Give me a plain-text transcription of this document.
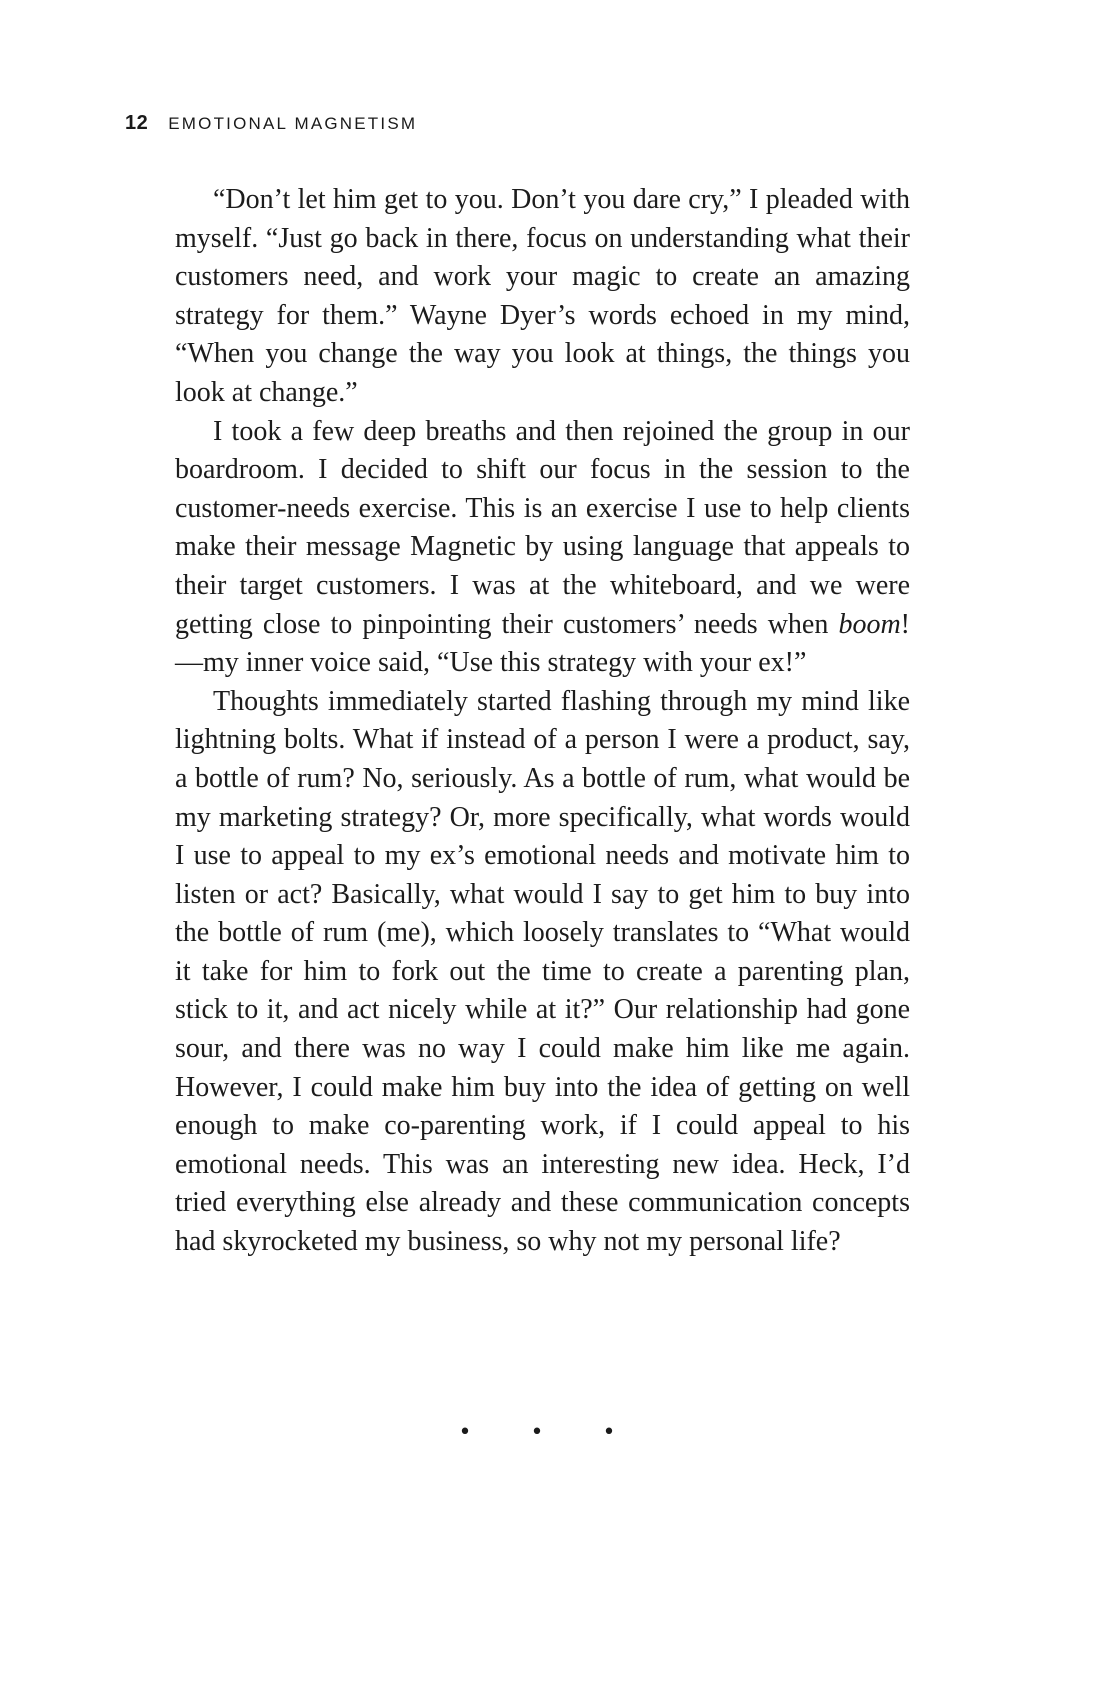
12 EMOTIONAL MAGNETISM

“Don’t let him get to you. Don’t you dare cry,” I pleaded with myself. “Just go back in there, focus on understanding what their customers need, and work your magic to create an amazing strategy for them.” Wayne Dyer’s words echoed in my mind, “When you change the way you look at things, the things you look at change.”

I took a few deep breaths and then rejoined the group in our boardroom. I decided to shift our focus in the session to the customer-needs exercise. This is an exercise I use to help clients make their message Magnetic by using language that appeals to their target customers. I was at the whiteboard, and we were getting close to pinpointing their customers’ needs when boom!—my inner voice said, “Use this strategy with your ex!”

Thoughts immediately started flashing through my mind like lightning bolts. What if instead of a person I were a product, say, a bottle of rum? No, seriously. As a bottle of rum, what would be my marketing strategy? Or, more specifically, what words would I use to appeal to my ex’s emotional needs and motivate him to listen or act? Basically, what would I say to get him to buy into the bottle of rum (me), which loosely translates to “What would it take for him to fork out the time to create a parenting plan, stick to it, and act nicely while at it?” Our relationship had gone sour, and there was no way I could make him like me again. However, I could make him buy into the idea of getting on well enough to make co-parenting work, if I could appeal to his emotional needs. This was an interesting new idea. Heck, I’d tried everything else already and these communication concepts had skyrocketed my business, so why not my personal life?

• • •
